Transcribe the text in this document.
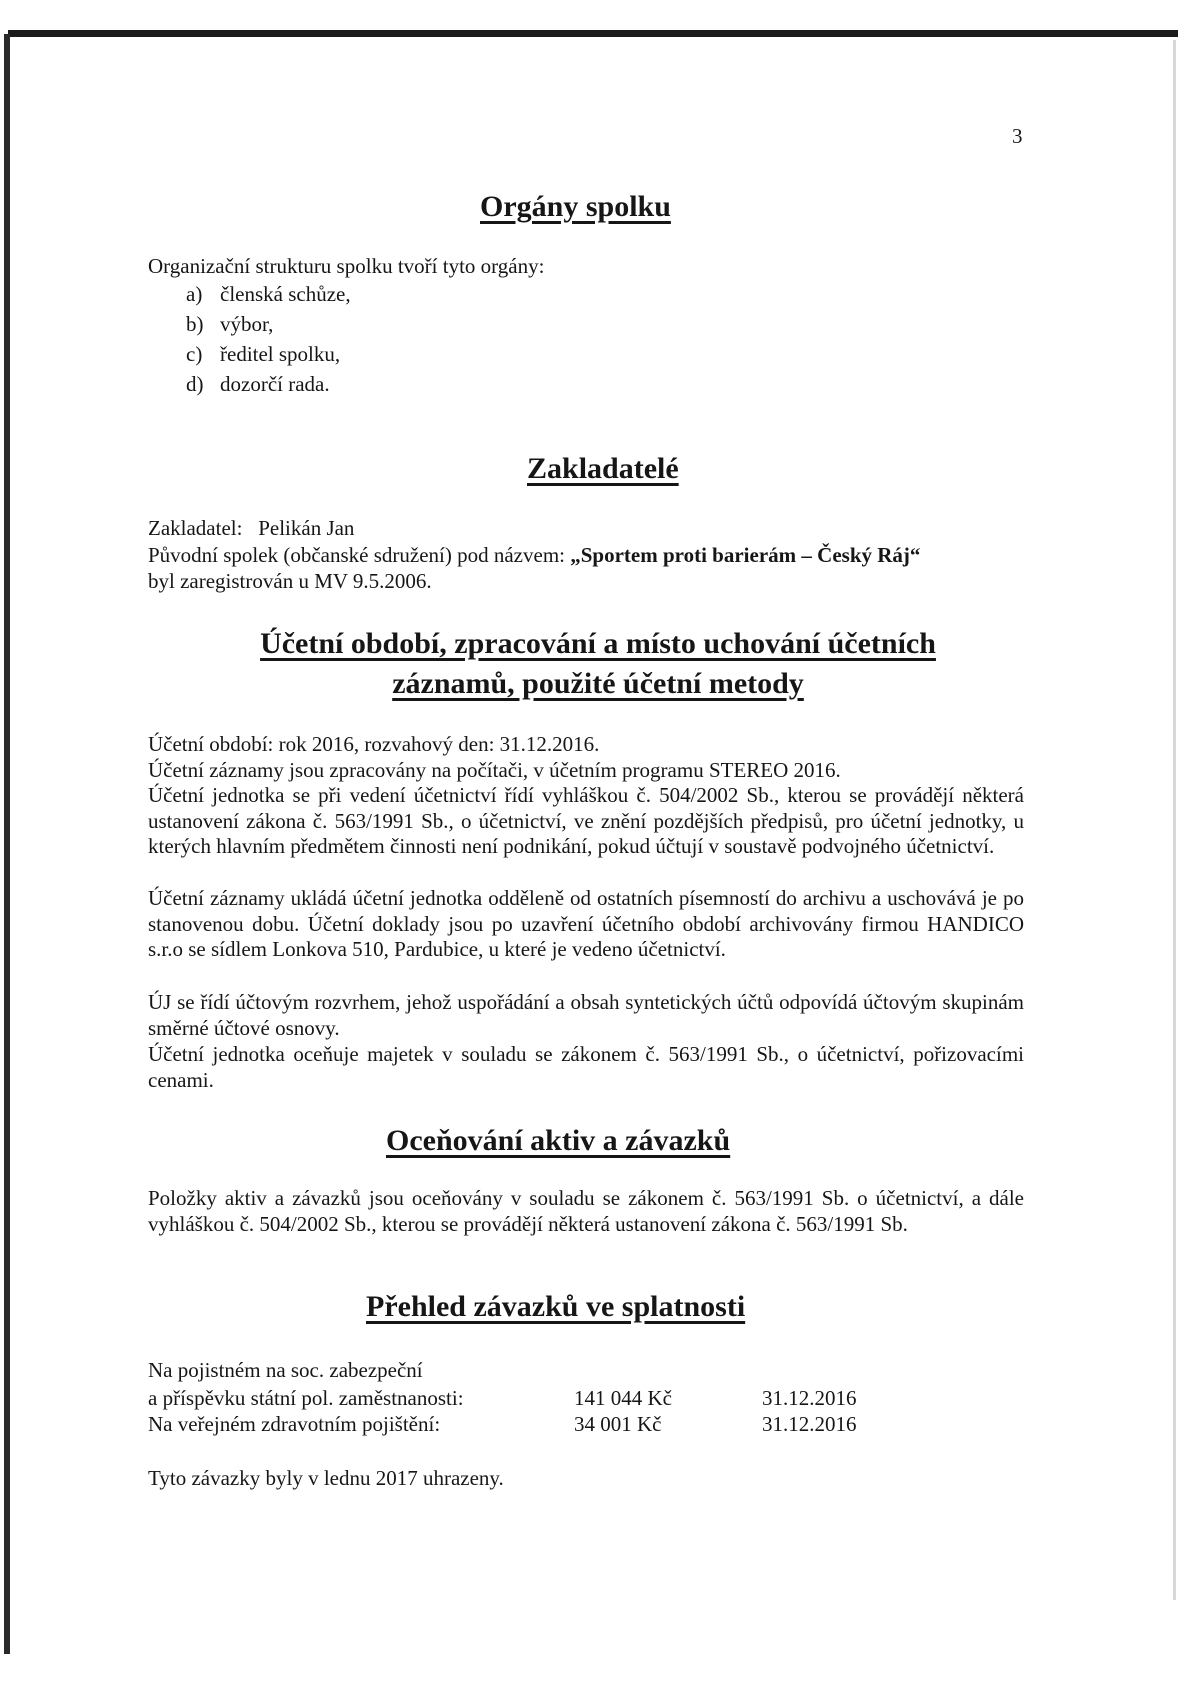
3
Orgány spolku
Organizační strukturu spolku tvoří tyto orgány:
a) členská schůze,
b) výbor,
c) ředitel spolku,
d) dozorčí rada.
Zakladatelé
Zakladatel: Pelikán Jan
Původní spolek (občanské sdružení) pod názvem: „Sportem proti barierám – Český Ráj“
byl zaregistrován u MV 9.5.2006.
Účetní období, zpracování a místo uchování účetních
záznamů, použité účetní metody
Účetní období: rok 2016, rozvahový den: 31.12.2016.
Účetní záznamy jsou zpracovány na počítači, v účetním programu STEREO 2016.
Účetní jednotka se při vedení účetnictví řídí vyhláškou č. 504/2002 Sb., kterou se provádějí některá ustanovení zákona č. 563/1991 Sb., o účetnictví, ve znění pozdějších předpisů, pro účetní jednotky, u kterých hlavním předmětem činnosti není podnikání, pokud účtují v soustavě podvojného účetnictví.
Účetní záznamy ukládá účetní jednotka odděleně od ostatních písemností do archivu a uschovává je po stanovenou dobu. Účetní doklady jsou po uzavření účetního období archivovány firmou HANDICO s.r.o se sídlem Lonkova 510, Pardubice, u které je vedeno účetnictví.
ÚJ se řídí účtovým rozvrhem, jehož uspořádání a obsah syntetických účtů odpovídá účtovým skupinám směrné účtové osnovy.
Účetní jednotka oceňuje majetek v souladu se zákonem č. 563/1991 Sb., o účetnictví, pořizovacími cenami.
Oceňování aktiv a závazků
Položky aktiv a závazků jsou oceňovány v souladu se zákonem č. 563/1991 Sb. o účetnictví, a dále vyhláškou č. 504/2002 Sb., kterou se provádějí některá ustanovení zákona č. 563/1991 Sb.
Přehled závazků ve splatnosti
Na pojistném na soc. zabezpeční
a příspěvku státní pol. zaměstnanosti:	141 044 Kč	31.12.2016
Na veřejném zdravotním pojištění:	34 001 Kč	31.12.2016
Tyto závazky byly v lednu 2017 uhrazeny.
